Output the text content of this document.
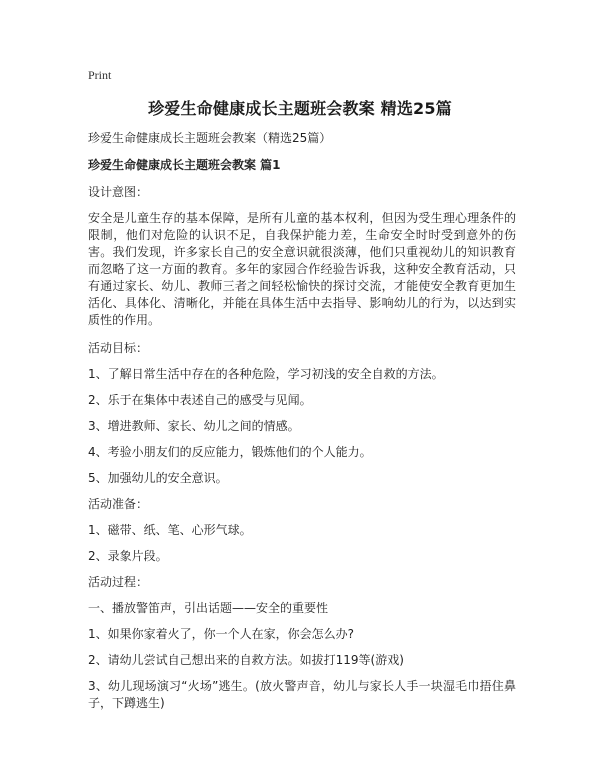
Print
珍爱生命健康成长主题班会教案 精选25篇
珍爱生命健康成长主题班会教案（精选25篇）
珍爱生命健康成长主题班会教案 篇1
设计意图：
安全是儿童生存的基本保障，是所有儿童的基本权利，但因为受生理心理条件的限制，他们对危险的认识不足，自我保护能力差，生命安全时时受到意外的伤害。我们发现，许多家长自己的安全意识就很淡薄，他们只重视幼儿的知识教育而忽略了这一方面的教育。多年的家园合作经验告诉我，这种安全教育活动，只有通过家长、幼儿、教师三者之间轻松愉快的探讨交流，才能使安全教育更加生活化、具体化、清晰化，并能在具体生活中去指导、影响幼儿的行为，以达到实质性的作用。
活动目标：
1、了解日常生活中存在的各种危险，学习初浅的安全自救的方法。
2、乐于在集体中表述自己的感受与见闻。
3、增进教师、家长、幼儿之间的情感。
4、考验小朋友们的反应能力，锻炼他们的个人能力。
5、加强幼儿的安全意识。
活动准备：
1、磁带、纸、笔、心形气球。
2、录象片段。
活动过程：
一、播放警笛声，引出话题——安全的重要性
1、如果你家着火了，你一个人在家，你会怎么办?
2、请幼儿尝试自己想出来的自救方法。如拔打119等(游戏)
3、幼儿现场演习“火场”逃生。(放火警声音，幼儿与家长人手一块湿毛巾捂住鼻子，下蹲逃生)
